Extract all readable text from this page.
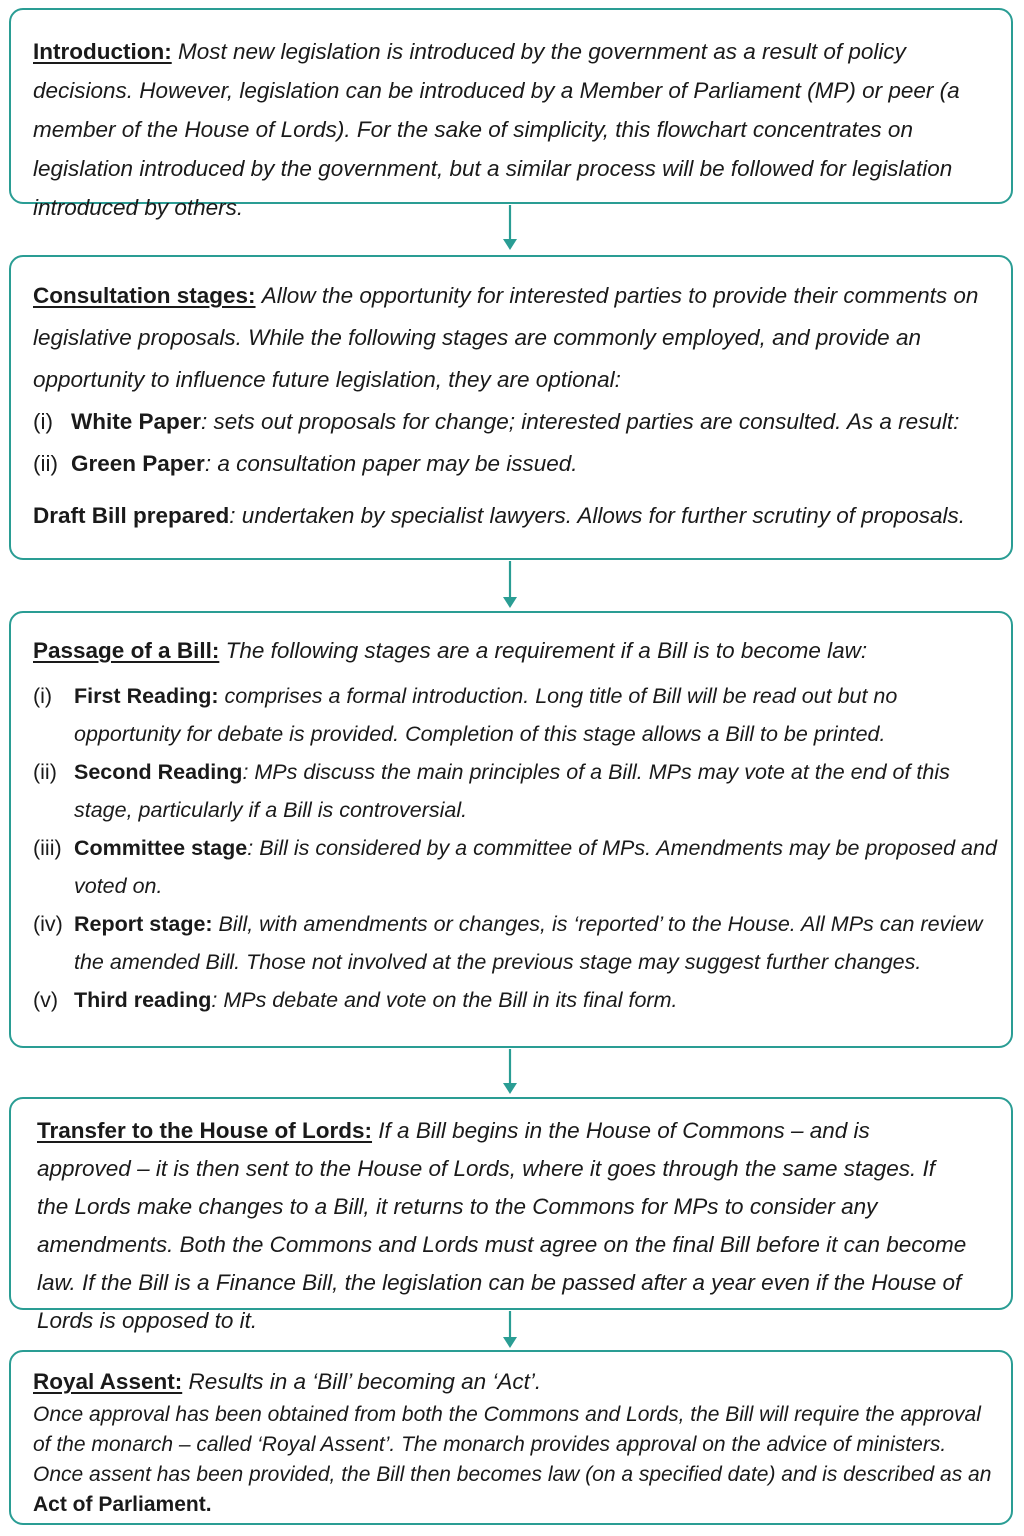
Introduction: Most new legislation is introduced by the government as a result of policy decisions. However, legislation can be introduced by a Member of Parliament (MP) or peer (a member of the House of Lords). For the sake of simplicity, this flowchart concentrates on legislation introduced by the government, but a similar process will be followed for legislation introduced by others.
Consultation stages: Allow the opportunity for interested parties to provide their comments on legislative proposals. While the following stages are commonly employed, and provide an opportunity to influence future legislation, they are optional:
(i) White Paper: sets out proposals for change; interested parties are consulted. As a result:
(ii) Green Paper: a consultation paper may be issued.
Draft Bill prepared: undertaken by specialist lawyers. Allows for further scrutiny of proposals.
Passage of a Bill: The following stages are a requirement if a Bill is to become law:
(i) First Reading: comprises a formal introduction. Long title of Bill will be read out but no opportunity for debate is provided. Completion of this stage allows a Bill to be printed.
(ii) Second Reading: MPs discuss the main principles of a Bill. MPs may vote at the end of this stage, particularly if a Bill is controversial.
(iii) Committee stage: Bill is considered by a committee of MPs. Amendments may be proposed and voted on.
(iv) Report stage: Bill, with amendments or changes, is ‘reported’ to the House. All MPs can review the amended Bill. Those not involved at the previous stage may suggest further changes.
(v) Third reading: MPs debate and vote on the Bill in its final form.
Transfer to the House of Lords: If a Bill begins in the House of Commons – and is approved – it is then sent to the House of Lords, where it goes through the same stages. If the Lords make changes to a Bill, it returns to the Commons for MPs to consider any amendments. Both the Commons and Lords must agree on the final Bill before it can become law. If the Bill is a Finance Bill, the legislation can be passed after a year even if the House of Lords is opposed to it.
Royal Assent: Results in a ‘Bill’ becoming an ‘Act’.
Once approval has been obtained from both the Commons and Lords, the Bill will require the approval of the monarch – called ‘Royal Assent’. The monarch provides approval on the advice of ministers. Once assent has been provided, the Bill then becomes law (on a specified date) and is described as an Act of Parliament.
